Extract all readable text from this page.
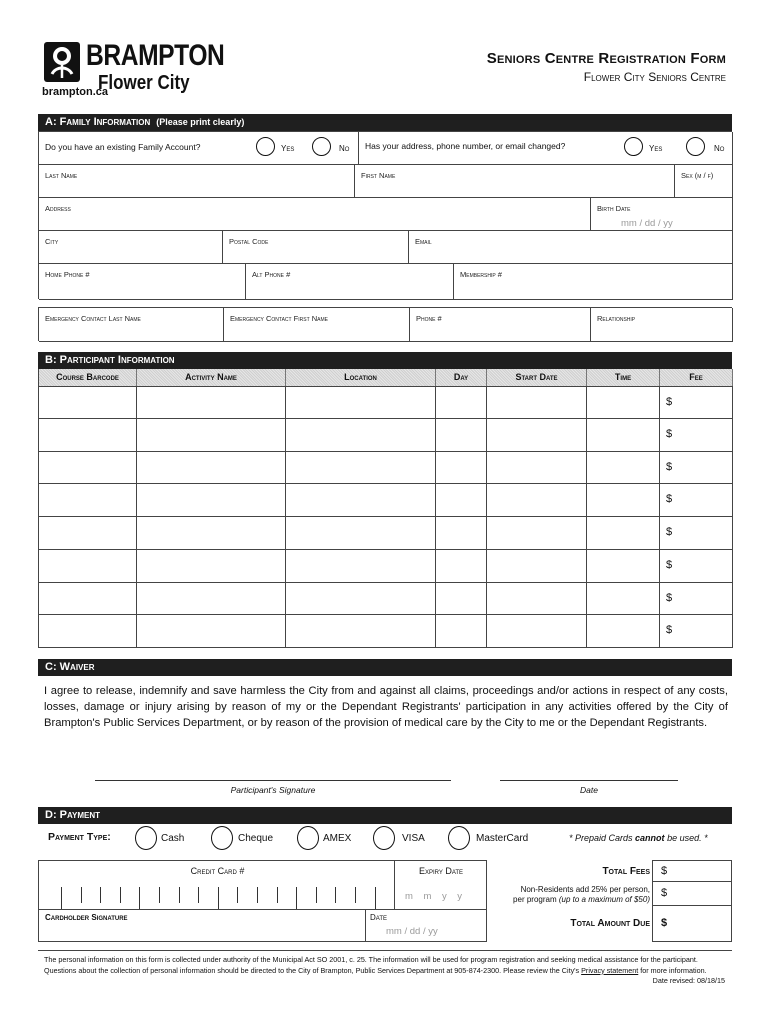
BRAMPTON
Flower City
brampton.ca
Seniors Centre Registration Form
Flower City Seniors Centre
A: Family Information (Please print clearly)
Do you have an existing Family Account?	Yes	No Has your address, phone number, or email changed?	Yes	No
Last Name	First Name	Sex (m / f)
Address	Birth Date
mm / dd / yy
City	Postal Code	Email
Home Phone #	Alt Phone #	Membership #
Emergency Contact Last Name	Emergency Contact First Name	Phone #	Relationship
B: Participant Information
Course Barcode	Activity Name	Location	Day	Start Date	Time	Fee
$
$
$
$
$
$
$
$
C: Waiver
I agree to release, indemnify and save harmless the City from and against all claims, proceedings and/or actions in respect of any costs, losses, damage or injury arising by reason of my or the Dependant Registrants' participation in any activities offered by the City of Brampton's Public Services Department, or by reason of the provision of medical care by the City to me or the Dependant Registrants.
Participant's Signature	Date
D: Payment
Payment Type:	Cash	Cheque	AMEX	VISA	MasterCard	* Prepaid Cards cannot be used. *
Credit Card #	Expiry Date
m    m    y    y
Cardholder Signature	Date
mm / dd / yy
Total Fees $
Non-Residents add 25% per person,
per program (up to a maximum of $50)
$
Total Amount Due $
The personal information on this form is collected under authority of the Municipal Act SO 2001, c. 25. The information will be used for program registration and seeking medical assistance for the participant. Questions about the collection of personal information should be directed to the City of Brampton, Public Services Department at 905-874-2300. Please review the City's Privacy statement for more information.
Date revised: 08/18/15
